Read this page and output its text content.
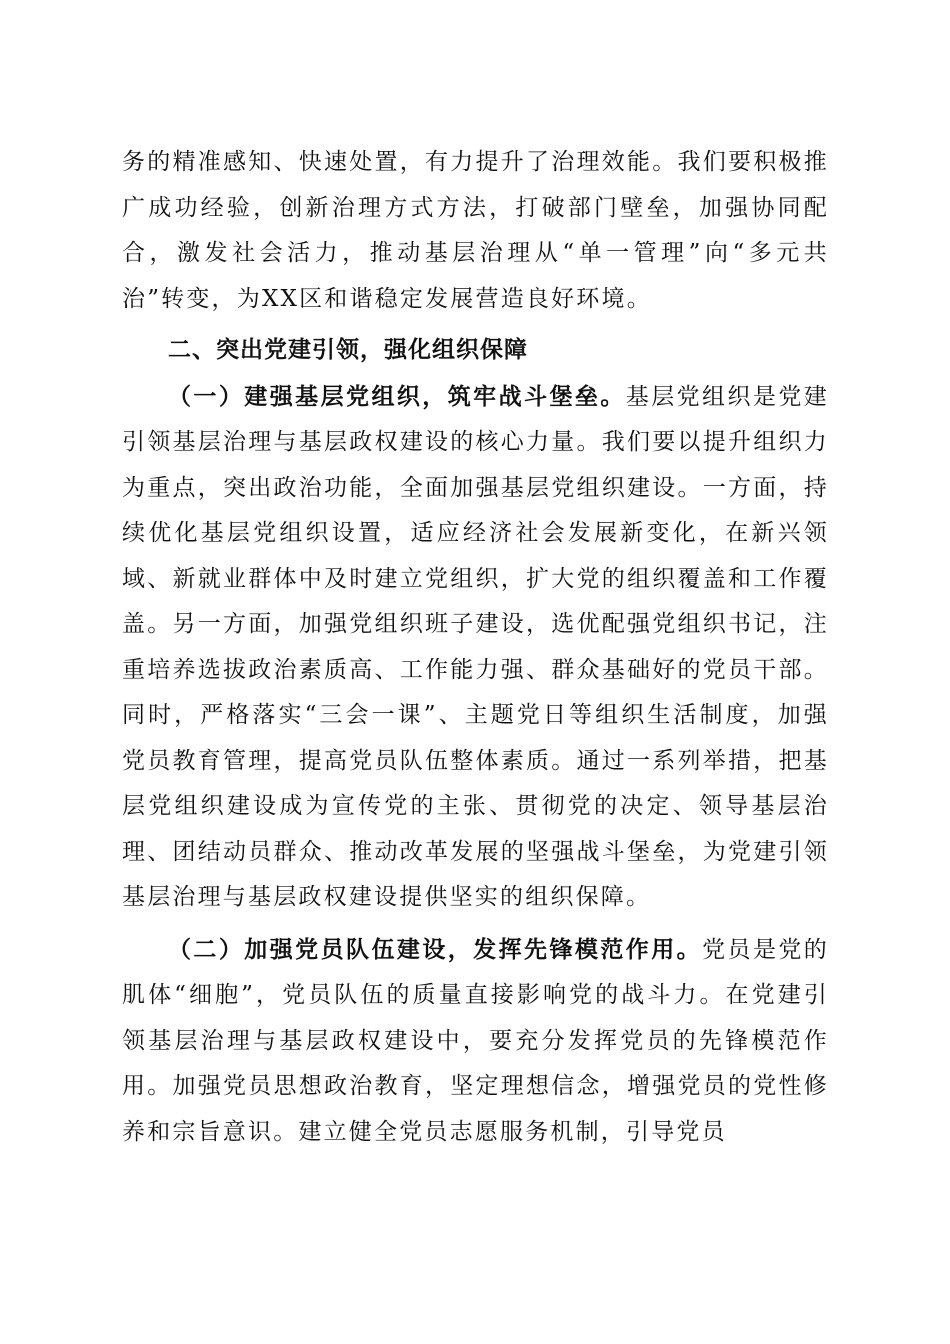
务的精准感知、快速处置，有力提升了治理效能。我们要积极推广成功经验，创新治理方式方法，打破部门壁垒，加强协同配合，激发社会活力，推动基层治理从“单一管理”向“多元共治”转变，为XX区和谐稳定发展营造良好环境。

二、突出党建引领，强化组织保障

（一）建强基层党组织，筑牢战斗堡垒。基层党组织是党建引领基层治理与基层政权建设的核心力量。我们要以提升组织力为重点，突出政治功能，全面加强基层党组织建设。一方面，持续优化基层党组织设置，适应经济社会发展新变化，在新兴领域、新就业群体中及时建立党组织，扩大党的组织覆盖和工作覆盖。另一方面，加强党组织班子建设，选优配强党组织书记，注重培养选拔政治素质高、工作能力强、群众基础好的党员干部。同时，严格落实“三会一课”、主题党日等组织生活制度，加强党员教育管理，提高党员队伍整体素质。通过一系列举措，把基层党组织建设成为宣传党的主张、贯彻党的决定、领导基层治理、团结动员群众、推动改革发展的坚强战斗堡垒，为党建引领基层治理与基层政权建设提供坚实的组织保障。

（二）加强党员队伍建设，发挥先锋模范作用。党员是党的肌体“细胞”，党员队伍的质量直接影响党的战斗力。在党建引领基层治理与基层政权建设中，要充分发挥党员的先锋模范作用。加强党员思想政治教育，坚定理想信念，增强党员的党性修养和宗旨意识。建立健全党员志愿服务机制，引导党员
